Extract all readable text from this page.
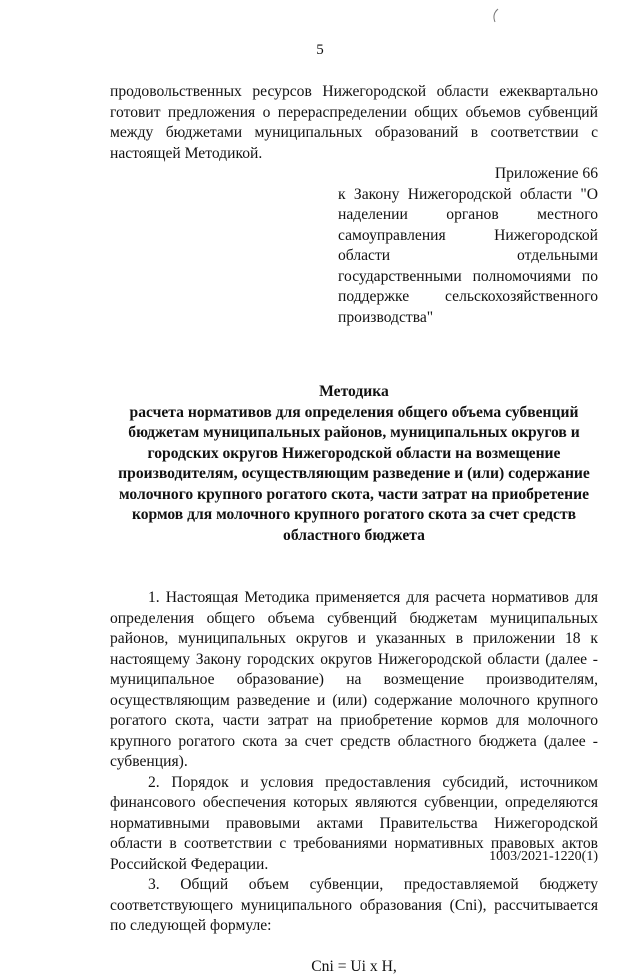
5

продовольственных ресурсов Нижегородской области ежеквартально готовит предложения о перераспределении общих объемов субвенций между бюджетами муниципальных образований в соответствии с настоящей Методикой.

Приложение 66

к Закону Нижегородской области "О наделении органов местного самоуправления Нижегородской области отдельными государственными полномочиями по поддержке сельскохозяйственного производства"

Методика

расчета нормативов для определения общего объема субвенций бюджетам муниципальных районов, муниципальных округов и городских округов Нижегородской области на возмещение производителям, осуществляющим разведение и (или) содержание молочного крупного рогатого скота, части затрат на приобретение кормов для молочного крупного рогатого скота за счет средств областного бюджета

1. Настоящая Методика применяется для расчета нормативов для определения общего объема субвенций бюджетам муниципальных районов, муниципальных округов и указанных в приложении 18 к настоящему Закону городских округов Нижегородской области (далее - муниципальное образование) на возмещение производителям, осуществляющим разведение и (или) содержание молочного крупного рогатого скота, части затрат на приобретение кормов для молочного крупного рогатого скота за счет средств областного бюджета (далее - субвенция).

2. Порядок и условия предоставления субсидий, источником финансового обеспечения которых являются субвенции, определяются нормативными правовыми актами Правительства Нижегородской области в соответствии с требованиями нормативных правовых актов Российской Федерации.

3. Общий объем субвенции, предоставляемой бюджету соответствующего муниципального образования (Сni), рассчитывается по следующей формуле:

Сni = Ui x H,

1003/2021-1220(1)
